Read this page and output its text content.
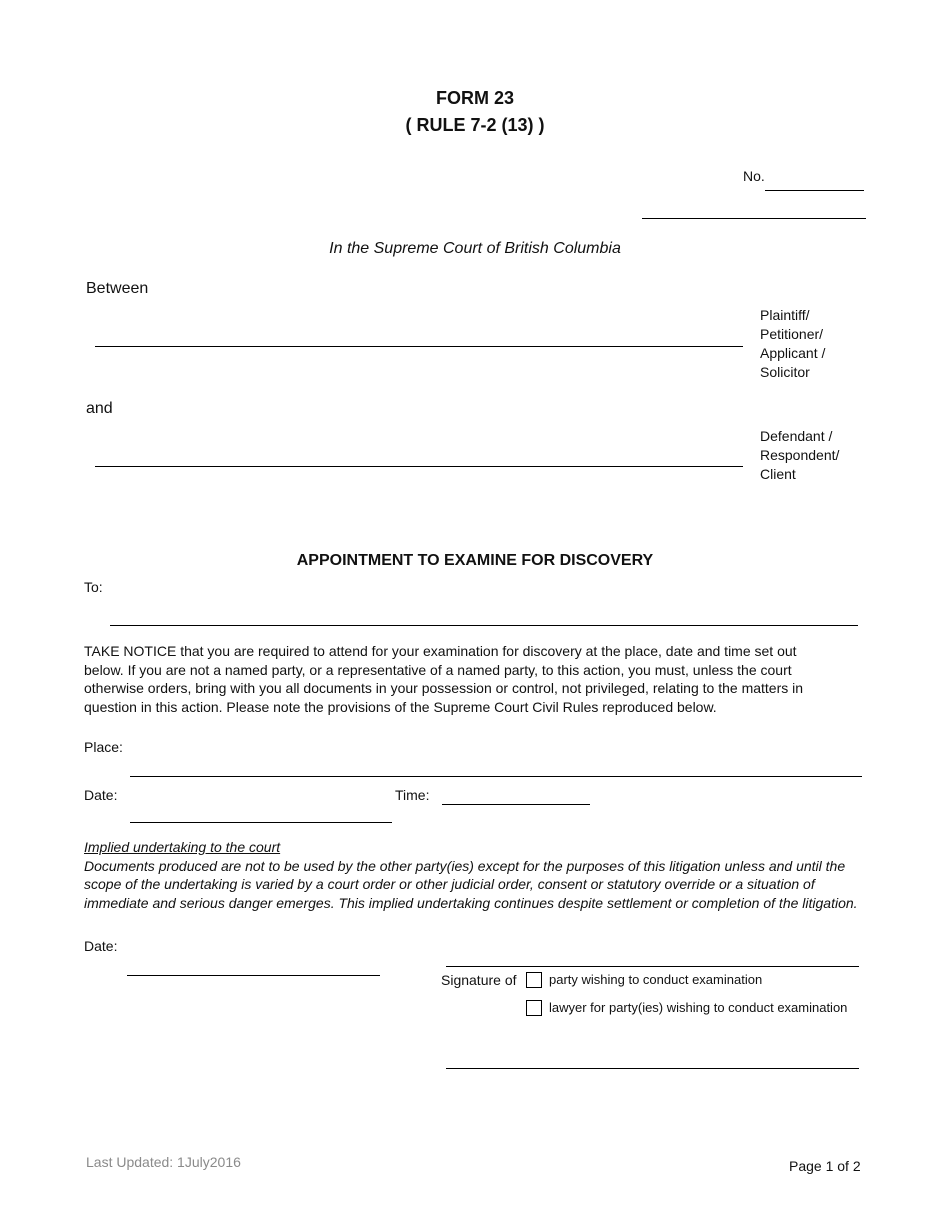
FORM 23
( RULE 7-2 (13) )
No.
In the Supreme Court of British Columbia
Between
Plaintiff/
Petitioner/
Applicant /
Solicitor
and
Defendant /
Respondent/
Client
APPOINTMENT TO EXAMINE FOR DISCOVERY
To:
TAKE NOTICE that you are required to attend for your examination for discovery at the place, date and time set out
below. If you are not a named party, or a representative of a named party, to this action, you must, unless the court
otherwise orders, bring with you all documents in your possession or control, not privileged, relating to the matters in
question in this action. Please note the provisions of the Supreme Court Civil Rules reproduced below.
Place:
Date:	Time:
Implied undertaking to the court
Documents produced are not to be used by the other party(ies) except for the purposes of this litigation unless and until the
scope of the undertaking is varied by a court order or other judicial order, consent or statutory override or a situation of
immediate and serious danger emerges. This implied undertaking continues despite settlement or completion of the litigation.
Date:
Signature of	party wishing to conduct examination
lawyer for party(ies) wishing to conduct examination
Last Updated: 1July2016	Page 1 of 2
